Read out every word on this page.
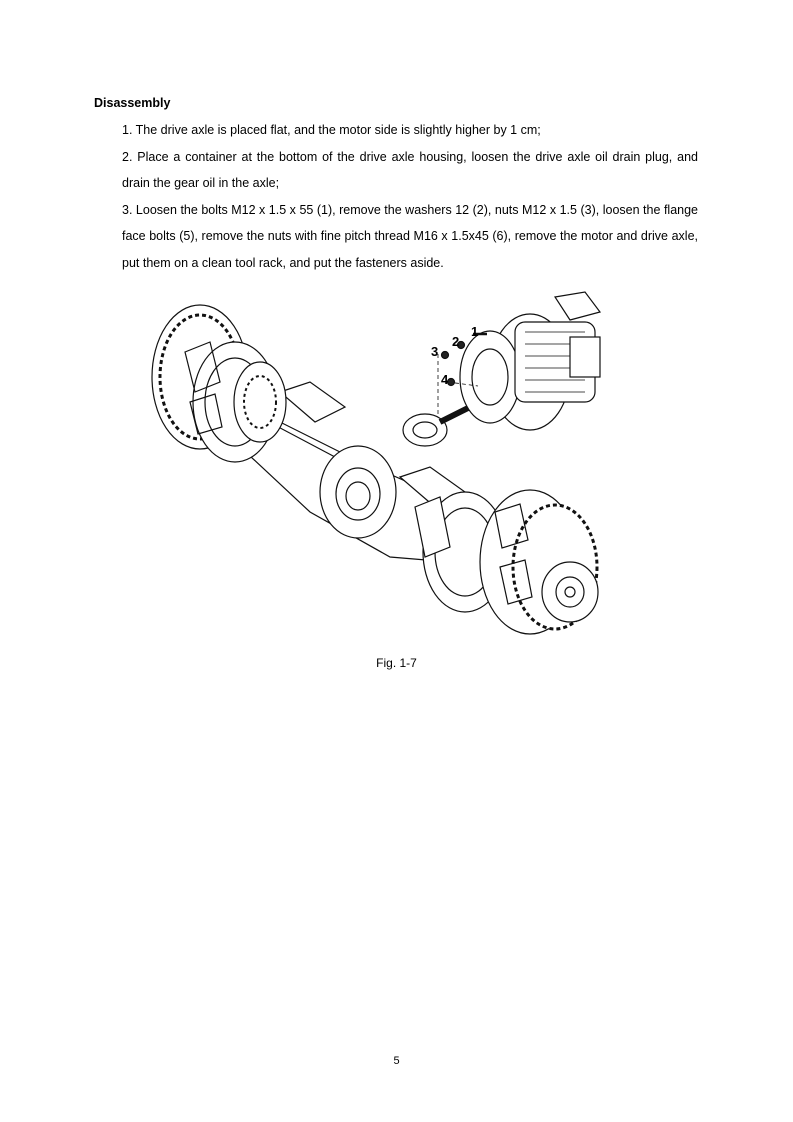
Disassembly

1. The drive axle is placed flat, and the motor side is slightly higher by 1 cm;

2. Place a container at the bottom of the drive axle housing, loosen the drive axle oil drain plug, and drain the gear oil in the axle;

3. Loosen the bolts M12 x 1.5 x 55 (1), remove the washers 12 (2), nuts M12 x 1.5 (3), loosen the flange face bolts (5), remove the nuts with fine pitch thread M16 x 1.5x45 (6), remove the motor and drive axle, put them on a clean tool rack, and put the fasteners aside.

1
2
3
4

Fig. 1-7

5
